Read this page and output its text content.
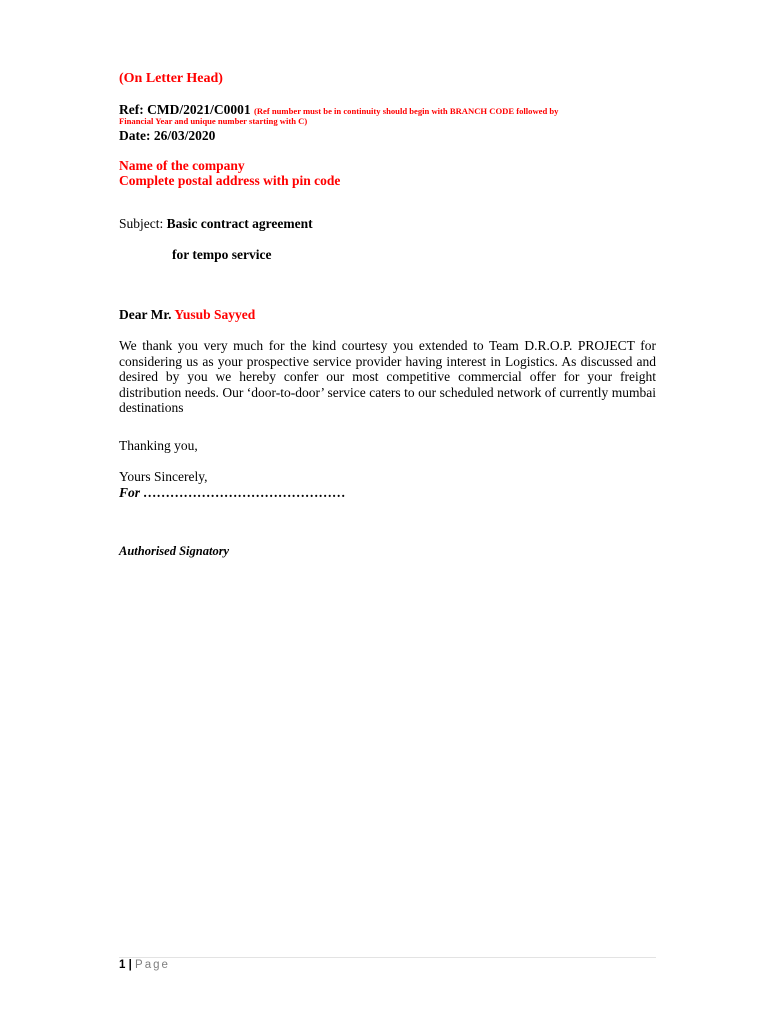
(On Letter Head)
Ref: CMD/2021/C0001 (Ref number must be in continuity should begin with BRANCH CODE followed by
Financial Year and unique number starting with C)
Date: 26/03/2020
Name of the company
Complete postal address with pin code
Subject: Basic contract agreement
for tempo service
Dear Mr. Yusub Sayyed
We thank you very much for the kind courtesy you extended to Team D.R.O.P. PROJECT for considering us as your prospective service provider having interest in Logistics. As discussed and desired by you we hereby confer our most competitive commercial offer for your freight distribution needs. Our ‘door-to-door’ service caters to our scheduled network of currently mumbai destinations
Thanking you,
Yours Sincerely,
For ………………………………………
Authorised Signatory
1 | Page
